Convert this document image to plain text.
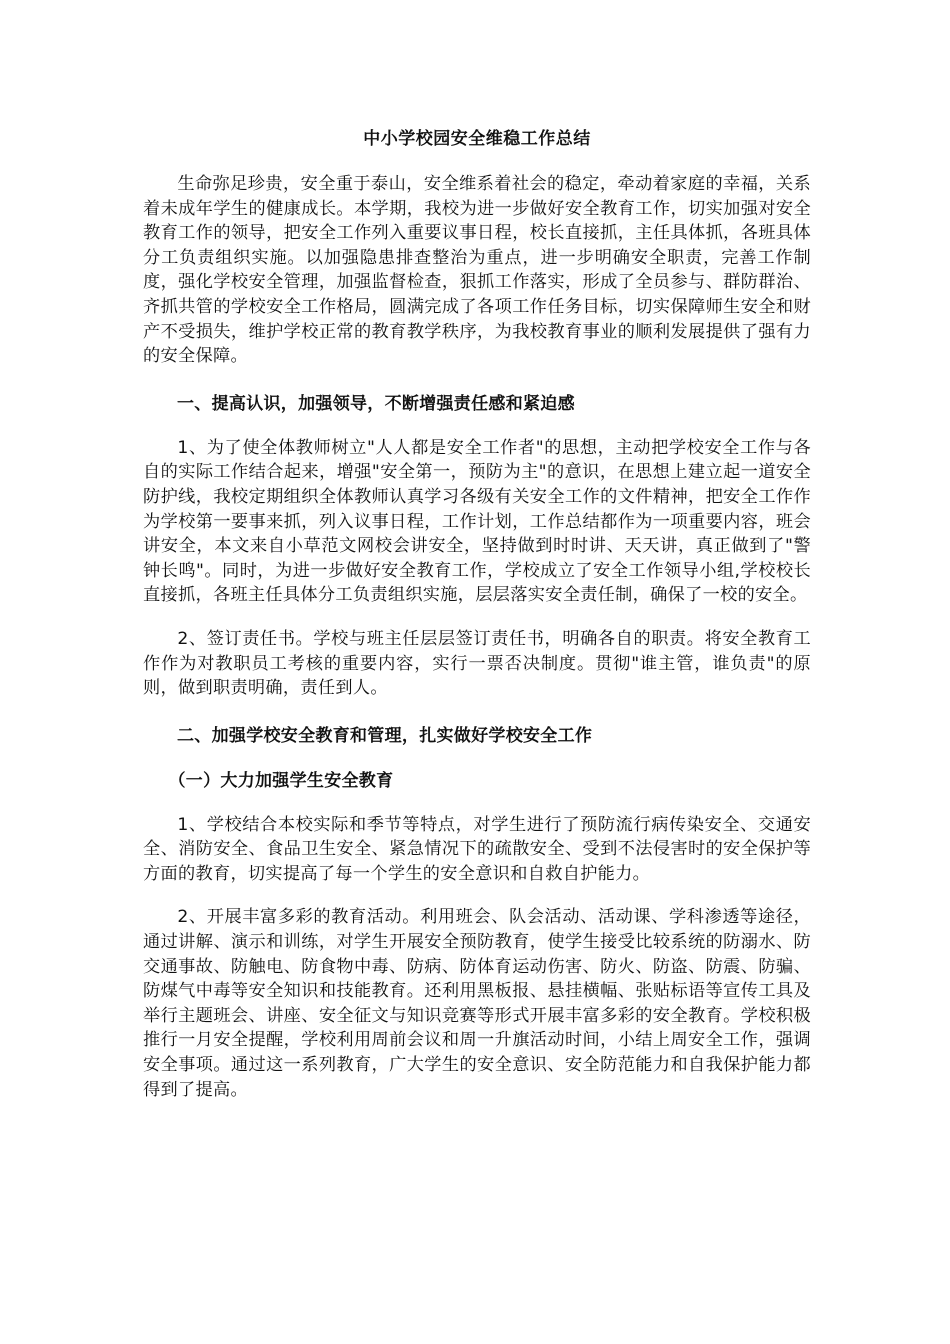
中小学校园安全维稳工作总结

生命弥足珍贵，安全重于泰山，安全维系着社会的稳定，牵动着家庭的幸福，关系着未成年学生的健康成长。本学期，我校为进一步做好安全教育工作，切实加强对安全教育工作的领导，把安全工作列入重要议事日程，校长直接抓，主任具体抓，各班具体分工负责组织实施。以加强隐患排查整治为重点，进一步明确安全职责，完善工作制度，强化学校安全管理，加强监督检查，狠抓工作落实，形成了全员参与、群防群治、齐抓共管的学校安全工作格局，圆满完成了各项工作任务目标，切实保障师生安全和财产不受损失，维护学校正常的教育教学秩序，为我校教育事业的顺利发展提供了强有力的安全保障。

一、提高认识，加强领导，不断增强责任感和紧迫感

1、为了使全体教师树立"人人都是安全工作者"的思想，主动把学校安全工作与各自的实际工作结合起来，增强"安全第一，预防为主"的意识，在思想上建立起一道安全防护线，我校定期组织全体教师认真学习各级有关安全工作的文件精神，把安全工作作为学校第一要事来抓，列入议事日程，工作计划，工作总结都作为一项重要内容，班会讲安全，本文来自小草范文网校会讲安全，坚持做到时时讲、天天讲，真正做到了"警钟长鸣"。同时，为进一步做好安全教育工作，学校成立了安全工作领导小组,学校校长直接抓，各班主任具体分工负责组织实施，层层落实安全责任制，确保了一校的安全。

2、签订责任书。学校与班主任层层签订责任书，明确各自的职责。将安全教育工作作为对教职员工考核的重要内容，实行一票否决制度。贯彻"谁主管，谁负责"的原则，做到职责明确，责任到人。

二、加强学校安全教育和管理，扎实做好学校安全工作
（一）大力加强学生安全教育

1、学校结合本校实际和季节等特点，对学生进行了预防流行病传染安全、交通安全、消防安全、食品卫生安全、紧急情况下的疏散安全、受到不法侵害时的安全保护等方面的教育，切实提高了每一个学生的安全意识和自救自护能力。

2、开展丰富多彩的教育活动。利用班会、队会活动、活动课、学科渗透等途径，通过讲解、演示和训练，对学生开展安全预防教育，使学生接受比较系统的防溺水、防交通事故、防触电、防食物中毒、防病、防体育运动伤害、防火、防盗、防震、防骗、防煤气中毒等安全知识和技能教育。还利用黑板报、悬挂横幅、张贴标语等宣传工具及举行主题班会、讲座、安全征文与知识竞赛等形式开展丰富多彩的安全教育。学校积极推行一月安全提醒，学校利用周前会议和周一升旗活动时间，小结上周安全工作，强调安全事项。通过这一系列教育，广大学生的安全意识、安全防范能力和自我保护能力都得到了提高。
